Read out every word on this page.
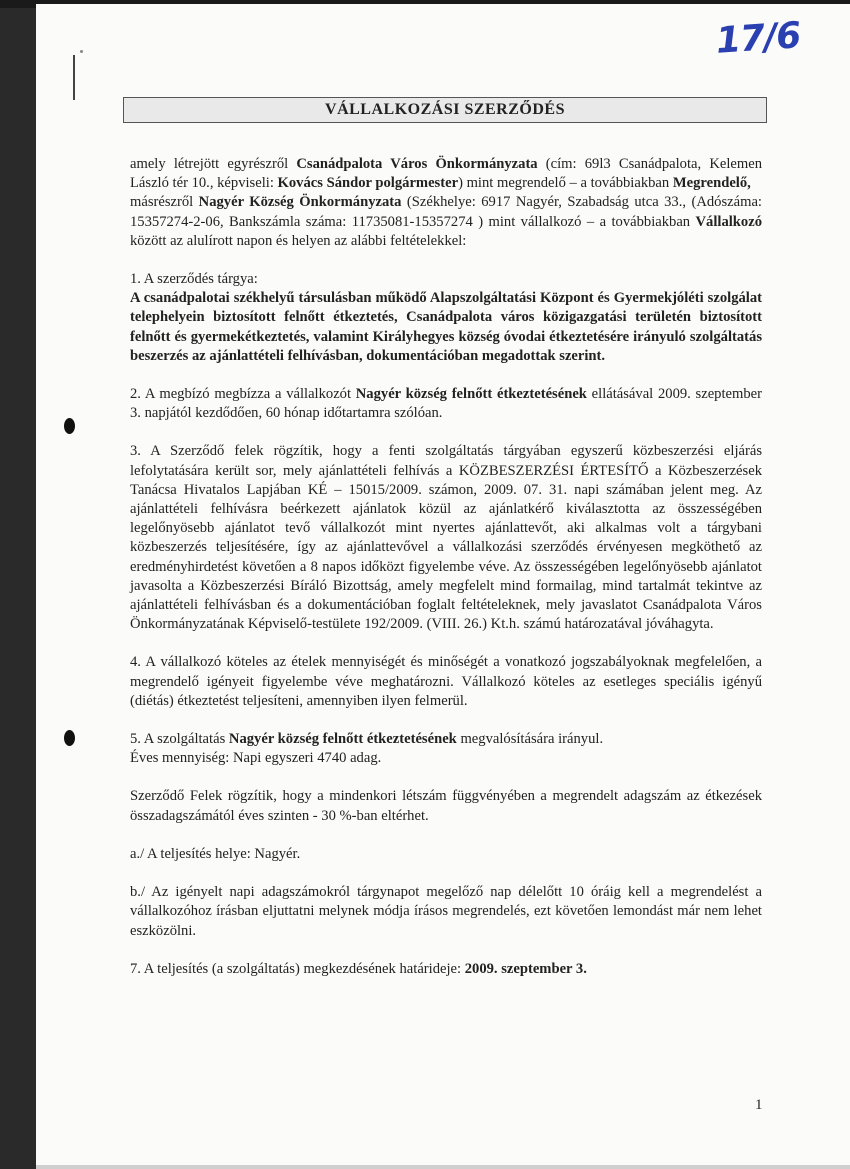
17/6
VÁLLALKOZÁSI SZERZŐDÉS

amely létrejött egyrészről Csanádpalota Város Önkormányzata (cím: 69l3 Csanádpalota, Kelemen László tér 10., képviseli: Kovács Sándor polgármester) mint megrendelő – a továbbiakban Megrendelő,
másrészről Nagyér Község Önkormányzata (Székhelye: 6917 Nagyér, Szabadság utca 33., (Adószáma: 15357274-2-06, Bankszámla száma: 11735081-15357274 ) mint vállalkozó – a továbbiakban Vállalkozó között az alulírott napon és helyen az alábbi feltételekkel:

1. A szerződés tárgya:

A csanádpalotai székhelyű társulásban működő Alapszolgáltatási Központ és Gyermekjóléti szolgálat telephelyein biztosított felnőtt étkeztetés, Csanádpalota város közigazgatási területén biztosított felnőtt és gyermekétkeztetés, valamint Királyhegyes község óvodai étkeztetésére irányuló szolgáltatás beszerzés az ajánlattételi felhívásban, dokumentációban megadottak szerint.

2. A megbízó megbízza a vállalkozót Nagyér község felnőtt étkeztetésének ellátásával 2009. szeptember 3. napjától kezdődően, 60 hónap időtartamra szólóan.

3. A Szerződő felek rögzítik, hogy a fenti szolgáltatás tárgyában egyszerű közbeszerzési eljárás lefolytatására került sor, mely ajánlattételi felhívás a KÖZBESZERZÉSI ÉRTESÍTŐ a Közbeszerzések Tanácsa Hivatalos Lapjában KÉ – 15015/2009. számon, 2009. 07. 31. napi számában jelent meg. Az ajánlattételi felhívásra beérkezett ajánlatok közül az ajánlatkérő kiválasztotta az összességében legelőnyösebb ajánlatot tevő vállalkozót mint nyertes ajánlattevőt, aki alkalmas volt a tárgybani közbeszerzés teljesítésére, így az ajánlattevővel a vállalkozási szerződés érvényesen megköthető az eredményhirdetést követően a 8 napos időközt figyelembe véve. Az összességében legelőnyösebb ajánlatot javasolta a Közbeszerzési Bíráló Bizottság, amely megfelelt mind formailag, mind tartalmát tekintve az ajánlattételi felhívásban és a dokumentációban foglalt feltételeknek, mely javaslatot Csanádpalota Város Önkormányzatának Képviselő-testülete 192/2009. (VIII. 26.) Kt.h. számú határozatával jóváhagyta.

4. A vállalkozó köteles az ételek mennyiségét és minőségét a vonatkozó jogszabályoknak megfelelően, a megrendelő igényeit figyelembe véve meghatározni. Vállalkozó köteles az esetleges speciális igényű (diétás) étkeztetést teljesíteni, amennyiben ilyen felmerül.

5. A szolgáltatás Nagyér község felnőtt étkeztetésének megvalósítására irányul.

Éves mennyiség: Napi egyszeri 4740 adag.

Szerződő Felek rögzítik, hogy a mindenkori létszám függvényében a megrendelt adagszám az étkezések összadagszámától éves szinten - 30 %-ban eltérhet.

a./ A teljesítés helye: Nagyér.

b./ Az igényelt napi adagszámokról tárgynapot megelőző nap délelőtt 10 óráig kell a megrendelést a vállalkozóhoz írásban eljuttatni melynek módja írásos megrendelés, ezt követően lemondást már nem lehet eszközölni.

7. A teljesítés (a szolgáltatás) megkezdésének határideje: 2009. szeptember 3.

1
